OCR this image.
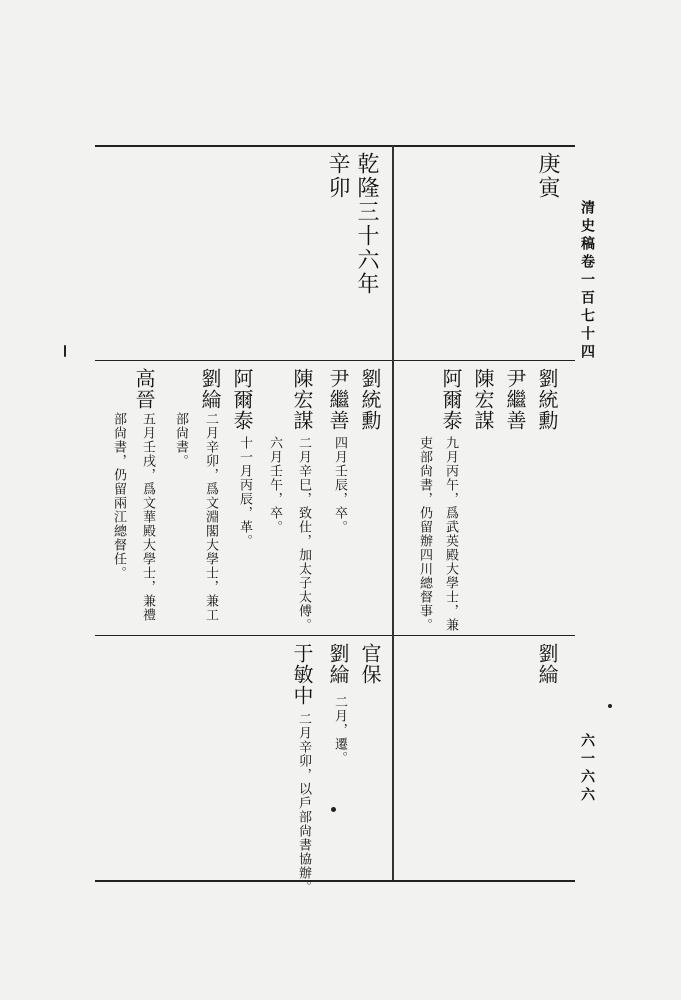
清史稿卷一百七十四
六一六六
庚寅
乾隆三十六年
辛卯
劉統勳
尹繼善
陳宏謀
阿爾泰
九月丙午，爲武英殿大學士，兼
吏部尙書，仍留辦四川總督事。
劉統勳
尹繼善
四月壬辰，卒。
陳宏謀
二月辛巳，致仕，加太子太傅。
六月壬午，卒。
阿爾泰
十一月丙辰，革。
劉綸
二月辛卯，爲文淵閣大學士，兼工
部尙書。
高晉
五月壬戌，爲文華殿大學士，兼禮
部尙書，仍留兩江總督任。
劉綸
官保
劉綸
二月，遷。
于敏中
二月辛卯，以戶部尙書協辦。
